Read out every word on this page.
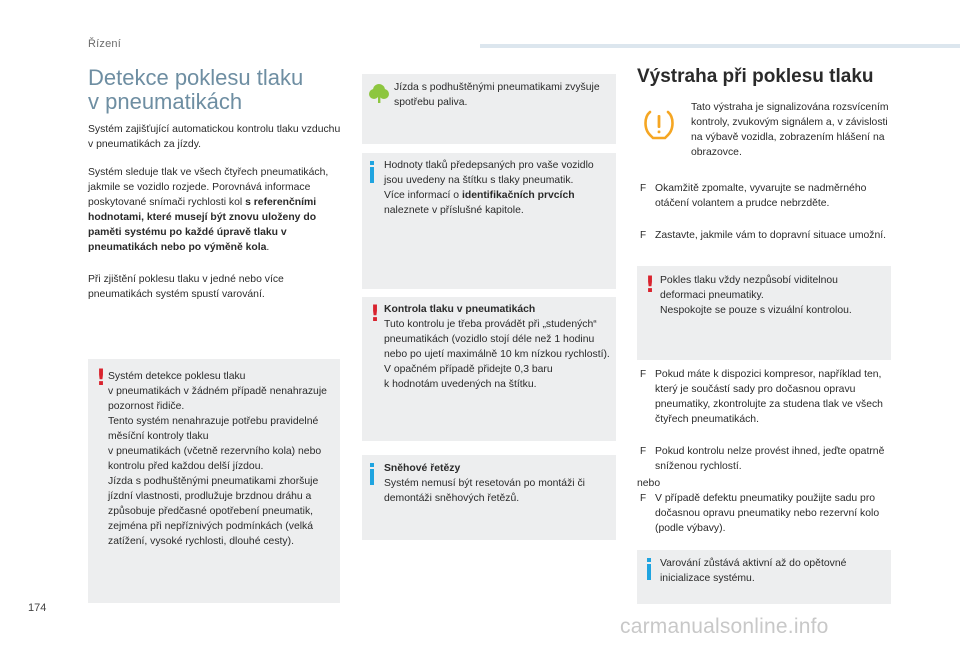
Řízení
Detekce poklesu tlaku
v pneumatikách

Systém zajišťující automatickou kontrolu tlaku vzduchu v pneumatikách za jízdy.

Systém sleduje tlak ve všech čtyřech pneumatikách, jakmile se vozidlo rozjede. Porovnává informace poskytované snímači rychlosti kol s referenčními hodnotami, které musejí být znovu uloženy do paměti systému po každé úpravě tlaku v pneumatikách nebo po výměně kola.

Při zjištění poklesu tlaku v jedné nebo více pneumatikách systém spustí varování.

! Systém detekce poklesu tlaku
v pneumatikách v žádném případě nenahrazuje pozornost řidiče.
Tento systém nenahrazuje potřebu pravidelné měsíční kontroly tlaku
v pneumatikách (včetně rezervního kola) nebo kontrolu před každou delší jízdou.
Jízda s podhuštěnými pneumatikami zhoršuje jízdní vlastnosti, prodlužuje brzdnou dráhu a způsobuje předčasné opotřebení pneumatik, zejména při nepříznivých podmínkách (velká zatížení, vysoké rychlosti, dlouhé cesty).

Jízda s podhuštěnými pneumatikami zvyšuje spotřebu paliva.

Hodnoty tlaků předepsaných pro vaše vozidlo jsou uvedeny na štítku s tlaky pneumatik.
Více informací o identifikačních prvcích naleznete v příslušné kapitole.

! Kontrola tlaku v pneumatikách

Tuto kontrolu je třeba provádět při „studených“ pneumatikách (vozidlo stojí déle než 1 hodinu nebo po ujetí maximálně 10 km nízkou rychlostí).
V opačném případě přidejte 0,3 baru
k hodnotám uvedených na štítku.

Sněhové řetězy

Systém nemusí být resetován po montáži či demontáži sněhových řetězů.

Výstraha při poklesu tlaku

Tato výstraha je signalizována rozsvícením kontroly, zvukovým signálem a, v závislosti na výbavě vozidla, zobrazením hlášení na obrazovce.

F Okamžitě zpomalte, vyvarujte se nadměrného otáčení volantem a prudce nebrzděte.

F Zastavte, jakmile vám to dopravní situace umožní.

! Pokles tlaku vždy nezpůsobí viditelnou deformaci pneumatiky.
Nespokojte se pouze s vizuální kontrolou.

F Pokud máte k dispozici kompresor, například ten, který je součástí sady pro dočasnou opravu pneumatiky, zkontrolujte za studena tlak ve všech čtyřech pneumatikách.

F Pokud kontrolu nelze provést ihned, jeďte opatrně sníženou rychlostí.

nebo

F V případě defektu pneumatiky použijte sadu pro dočasnou opravu pneumatiky nebo rezervní kolo (podle výbavy).

Varování zůstává aktivní až do opětovné inicializace systému.

174
carmanualsonline.info
